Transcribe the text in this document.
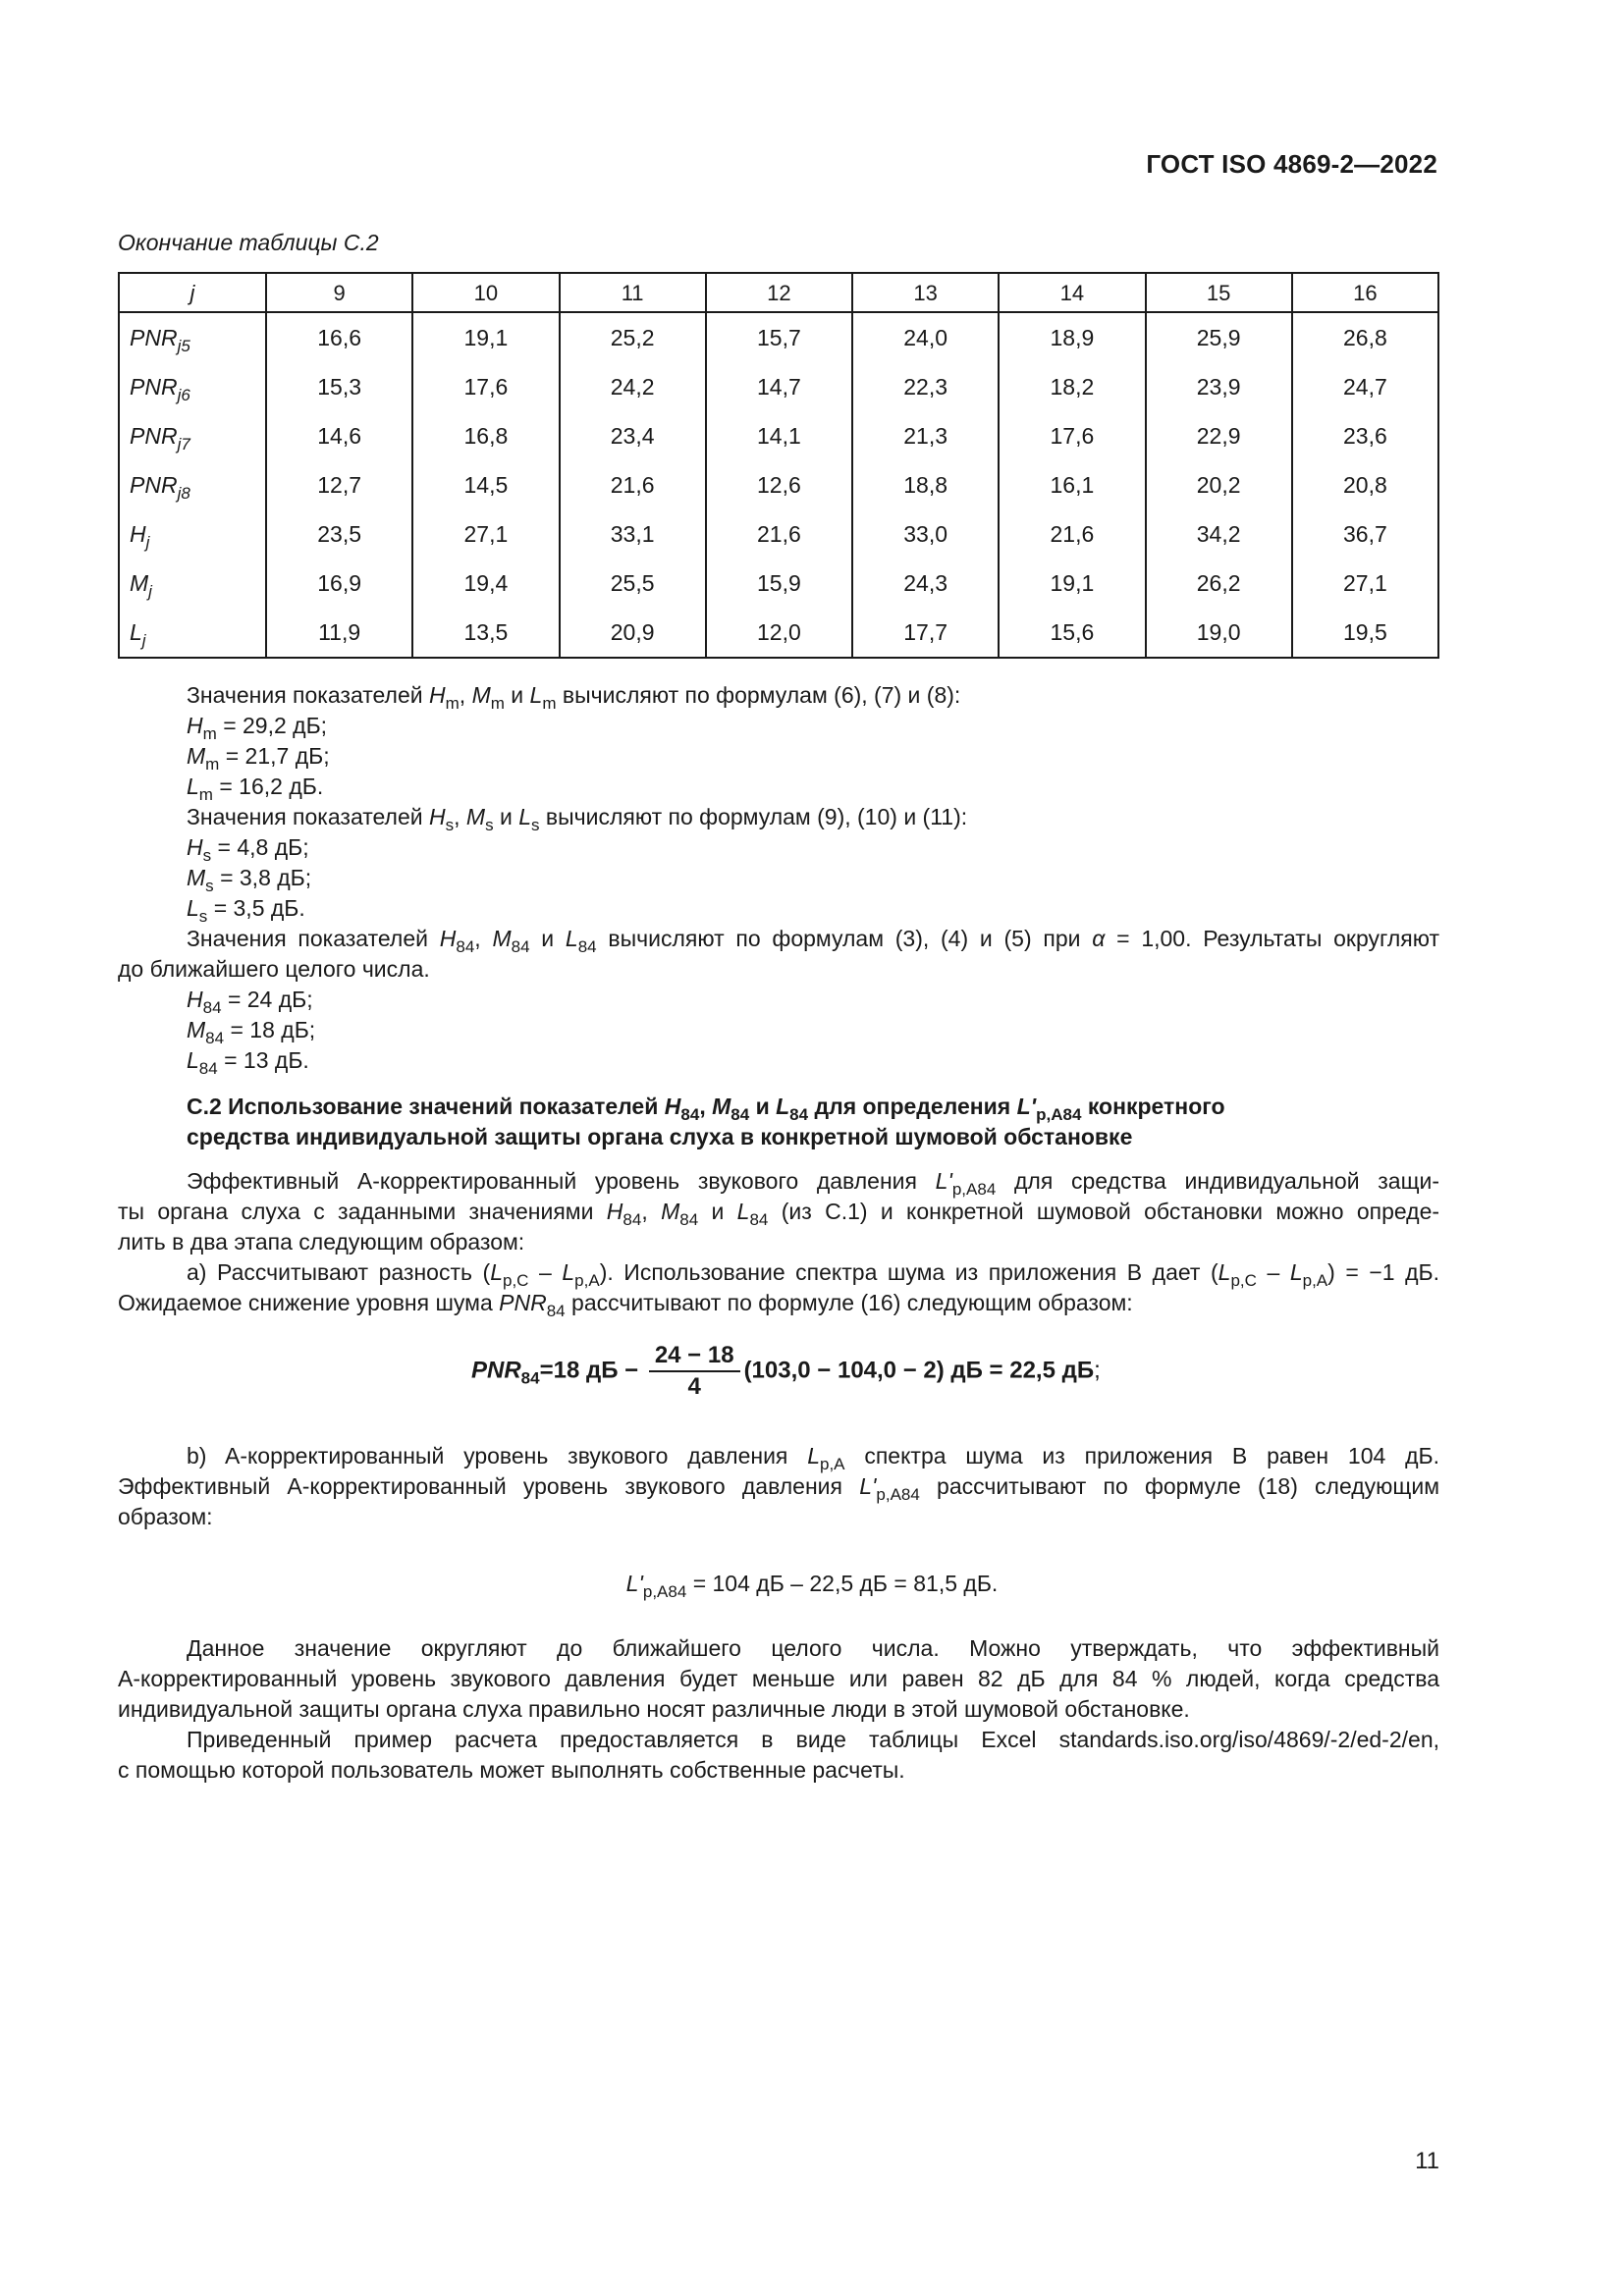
ГОСТ ISO 4869-2—2022
Окончание таблицы С.2
j	9	10	11	12	13	14	15	16
$PNR_{j5}$	16,6	19,1	25,2	15,7	24,0	18,9	25,9	26,8
$PNR_{j6}$	15,3	17,6	24,2	14,7	22,3	18,2	23,9	24,7
$PNR_{j7}$	14,6	16,8	23,4	14,1	21,3	17,6	22,9	23,6
$PNR_{j8}$	12,7	14,5	21,6	12,6	18,8	16,1	20,2	20,8
$H_j$	23,5	27,1	33,1	21,6	33,0	21,6	34,2	36,7
$M_j$	16,9	19,4	25,5	15,9	24,3	19,1	26,2	27,1
$L_j$	11,9	13,5	20,9	12,0	17,7	15,6	19,0	19,5
Значения показателей $H_m$, $M_m$ и $L_m$ вычисляют по формулам (6), (7) и (8):
$H_m = 29,2$ дБ;
$M_m = 21,7$ дБ;
$L_m = 16,2$ дБ.
Значения показателей $H_s$, $M_s$ и $L_s$ вычисляют по формулам (9), (10) и (11):
$H_s = 4,8$ дБ;
$M_s = 3,8$ дБ;
$L_s = 3,5$ дБ.
Значения показателей $H_{84}$, $M_{84}$ и $L_{84}$ вычисляют по формулам (3), (4) и (5) при α = 1,00. Результаты округляют
до ближайшего целого числа.
$H_{84} = 24$ дБ;
$M_{84} = 18$ дБ;
$L_{84} = 13$ дБ.
С.2 Использование значений показателей $H_{84}$, $M_{84}$ и $L_{84}$ для определения $L'_{p,A84}$ конкретного
средства индивидуальной защиты органа слуха в конкретной шумовой обстановке
Эффективный A-корректированный уровень звукового давления $L'_{p,A84}$ для средства индивидуальной защи-
ты органа слуха с заданными значениями $H_{84}$, $M_{84}$ и $L_{84}$ (из С.1) и конкретной шумовой обстановки можно опреде-
лить в два этапа следующим образом:
a) Рассчитывают разность $(L_{p,C} - L_{p,A})$. Использование спектра шума из приложения В дает $(L_{p,C} - L_{p,A}) = -1$ дБ.
Ожидаемое снижение уровня шума $PNR_{84}$ рассчитывают по формуле (16) следующим образом:
$PNR_{84}=18$ дБ − $\frac{24 - 18}{4} (103,0 - 104,0 - 2)$ дБ = 22,5 дБ;
b) A-корректированный уровень звукового давления $L_{p,A}$ спектра шума из приложения В равен 104 дБ.
Эффективный A-корректированный уровень звукового давления $L'_{p,A84}$ рассчитывают по формуле (18) следующим
образом:
$L'_{p,A84} = 104$ дБ – 22,5 дБ = 81,5 дБ.
Данное значение округляют до ближайшего целого числа. Можно утверждать, что эффективный
A-корректированный уровень звукового давления будет меньше или равен 82 дБ для 84 % людей, когда средства
индивидуальной защиты органа слуха правильно носят различные люди в этой шумовой обстановке.
Приведенный пример расчета предоставляется в виде таблицы Excel standards.iso.org/iso/4869/-2/ed-2/en,
с помощью которой пользователь может выполнять собственные расчеты.
11
